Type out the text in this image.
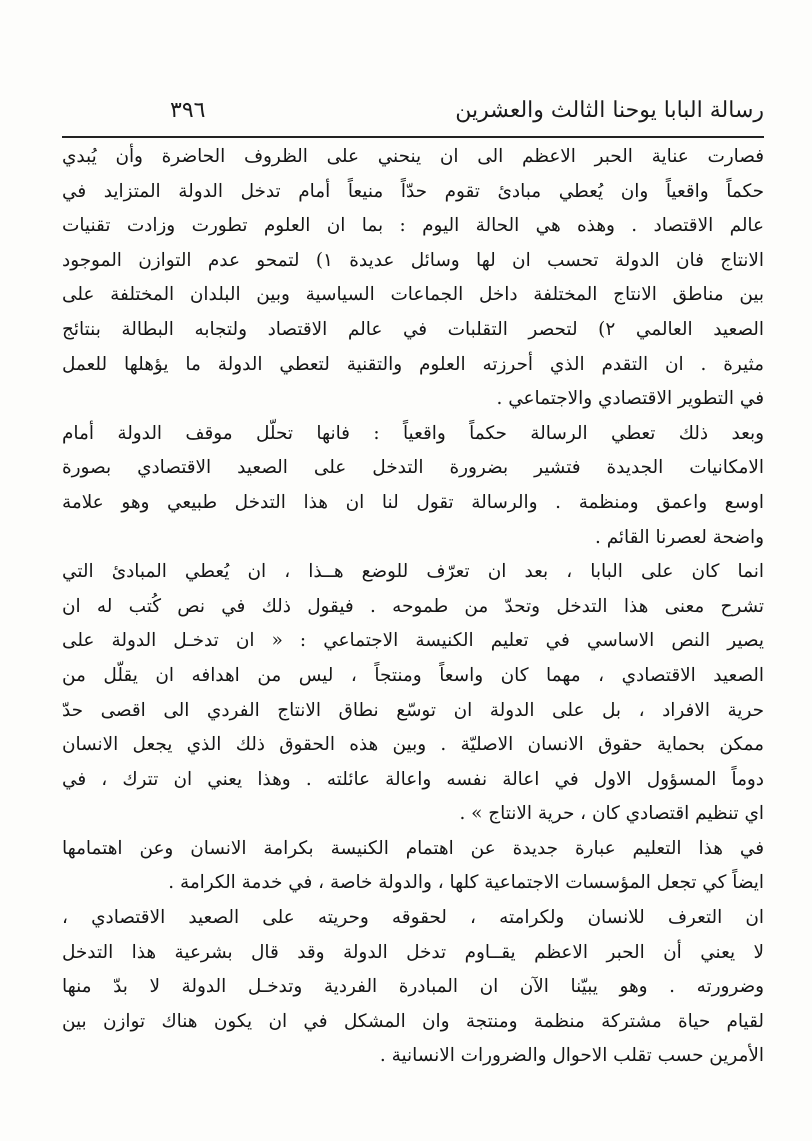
رسالة البابا يوحنا الثالث والعشرين
٣٩٦
فصارت عناية الحبر الاعظم الى ان ينحني على الظروف الحاضرة وأن يُبدي
حكماً واقعياً وان يُعطي مبادئ تقوم حدّاً منيعاً أمام تدخل الدولة المتزايد في
عالم الاقتصاد . وهذه هي الحالة اليوم : بما ان العلوم تطورت وزادت تقنيات
الانتاج فان الدولة تحسب ان لها وسائل عديدة ١) لتمحو عدم التوازن الموجود
بين مناطق الانتاج المختلفة داخل الجماعات السياسية وبين البلدان المختلفة على
الصعيد العالمي ٢) لتحصر التقلبات في عالم الاقتصاد ولتجابه البطالة بنتائج
مثيرة . ان التقدم الذي أحرزته العلوم والتقنية لتعطي الدولة ما يؤهلها للعمل
في التطوير الاقتصادي والاجتماعي .
وبعد ذلك تعطي الرسالة حكماً واقعياً : فانها تحلّل موقف الدولة أمام
الامكانيات الجديدة فتشير بضرورة التدخل على الصعيد الاقتصادي بصورة
اوسع واعمق ومنظمة . والرسالة تقول لنا ان هذا التدخل طبيعي وهو علامة
واضحة لعصرنا القائم .
انما كان على البابا ، بعد ان تعرّف للوضع هــذا ، ان يُعطي المبادئ التي
تشرح معنى هذا التدخل وتحدّ من طموحه . فيقول ذلك في نص كُتب له ان
يصير النص الاساسي في تعليم الكنيسة الاجتماعي : « ان تدخـل الدولة على
الصعيد الاقتصادي ، مهما كان واسعاً ومنتجاً ، ليس من اهدافه ان يقلّل من
حرية الافراد ، بل على الدولة ان توسّع نطاق الانتاج الفردي الى اقصى حدّ
ممكن بحماية حقوق الانسان الاصليّة . وبين هذه الحقوق ذلك الذي يجعل الانسان
دوماً المسؤول الاول في اعالة نفسه واعالة عائلته . وهذا يعني ان تترك ، في
اي تنظيم اقتصادي كان ، حرية الانتاج » .
في هذا التعليم عبارة جديدة عن اهتمام الكنيسة بكرامة الانسان وعن اهتمامها
ايضاً كي تجعل المؤسسات الاجتماعية كلها ، والدولة خاصة ، في خدمة الكرامة .
ان التعرف للانسان ولكرامته ، لحقوقه وحريته على الصعيد الاقتصادي ،
لا يعني أن الحبر الاعظم يقــاوم تدخل الدولة وقد قال بشرعية هذا التدخل
وضرورته . وهو يبيّنا الآن ان المبادرة الفردية وتدخـل الدولة لا بدّ منها
لقيام حياة مشتركة منظمة ومنتجة وان المشكل في ان يكون هناك توازن بين
الأمرين حسب تقلب الاحوال والضرورات الانسانية .
